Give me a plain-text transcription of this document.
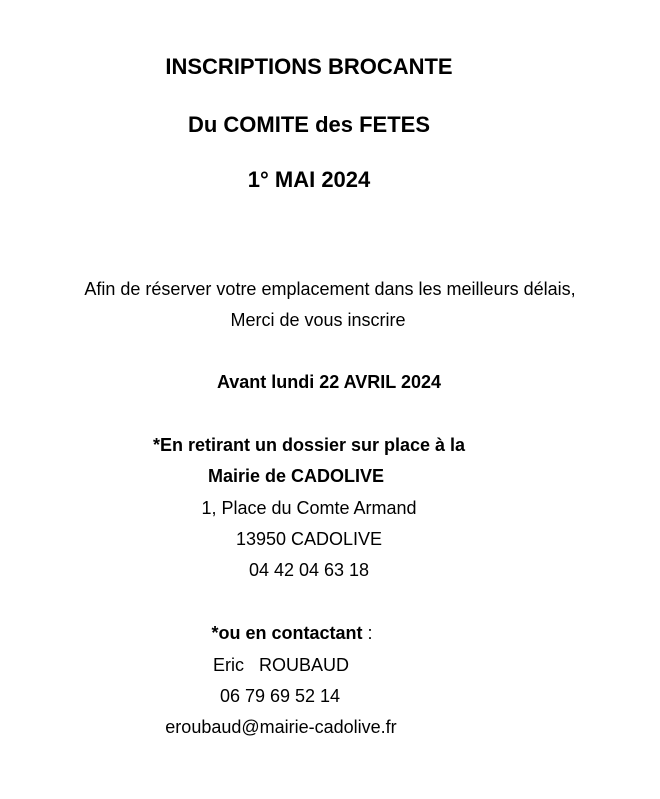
INSCRIPTIONS BROCANTE
Du COMITE des FETES
1° MAI 2024
Afin de réserver votre emplacement dans les meilleurs délais,
Merci de vous inscrire
Avant lundi 22 AVRIL 2024
*En retirant un dossier sur place à la
Mairie de CADOLIVE
1, Place du Comte Armand
13950 CADOLIVE
04 42 04 63 18
*ou en contactant :
Eric   ROUBAUD
06 79 69 52 14
eroubaud@mairie-cadolive.fr
